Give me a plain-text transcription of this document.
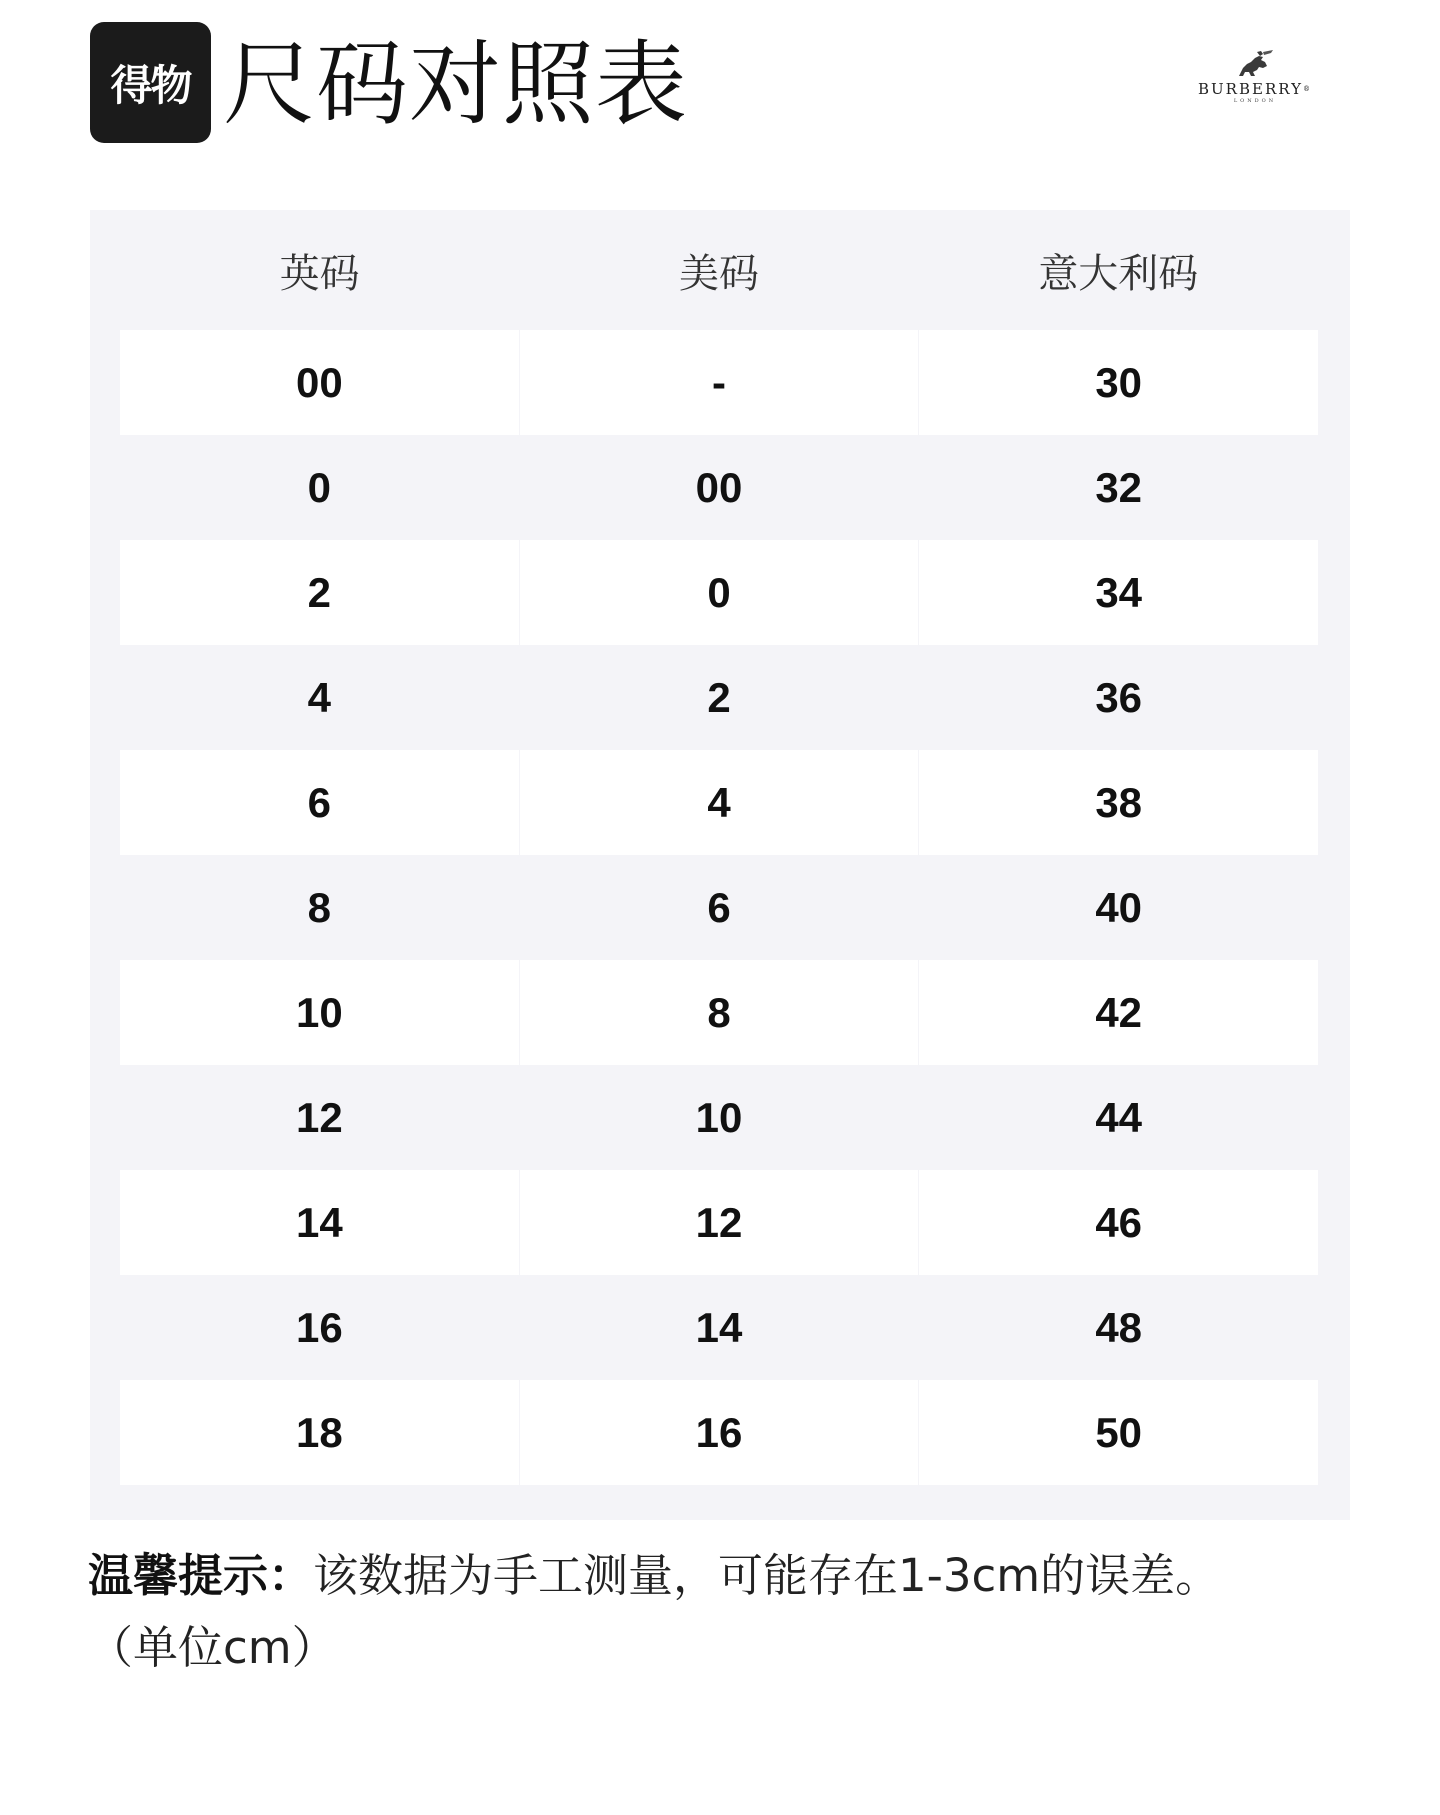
得物 尺码对照表	BURBERRY®
LONDON
英码	美码	意大利码
00	-	30
0	00	32
2	0	34
4	2	36
6	4	38
8	6	40
10	8	42
12	10	44
14	12	46
16	14	48
18	16	50
温馨提示：该数据为手工测量，可能存在1-3cm的误差。
（单位cm）
